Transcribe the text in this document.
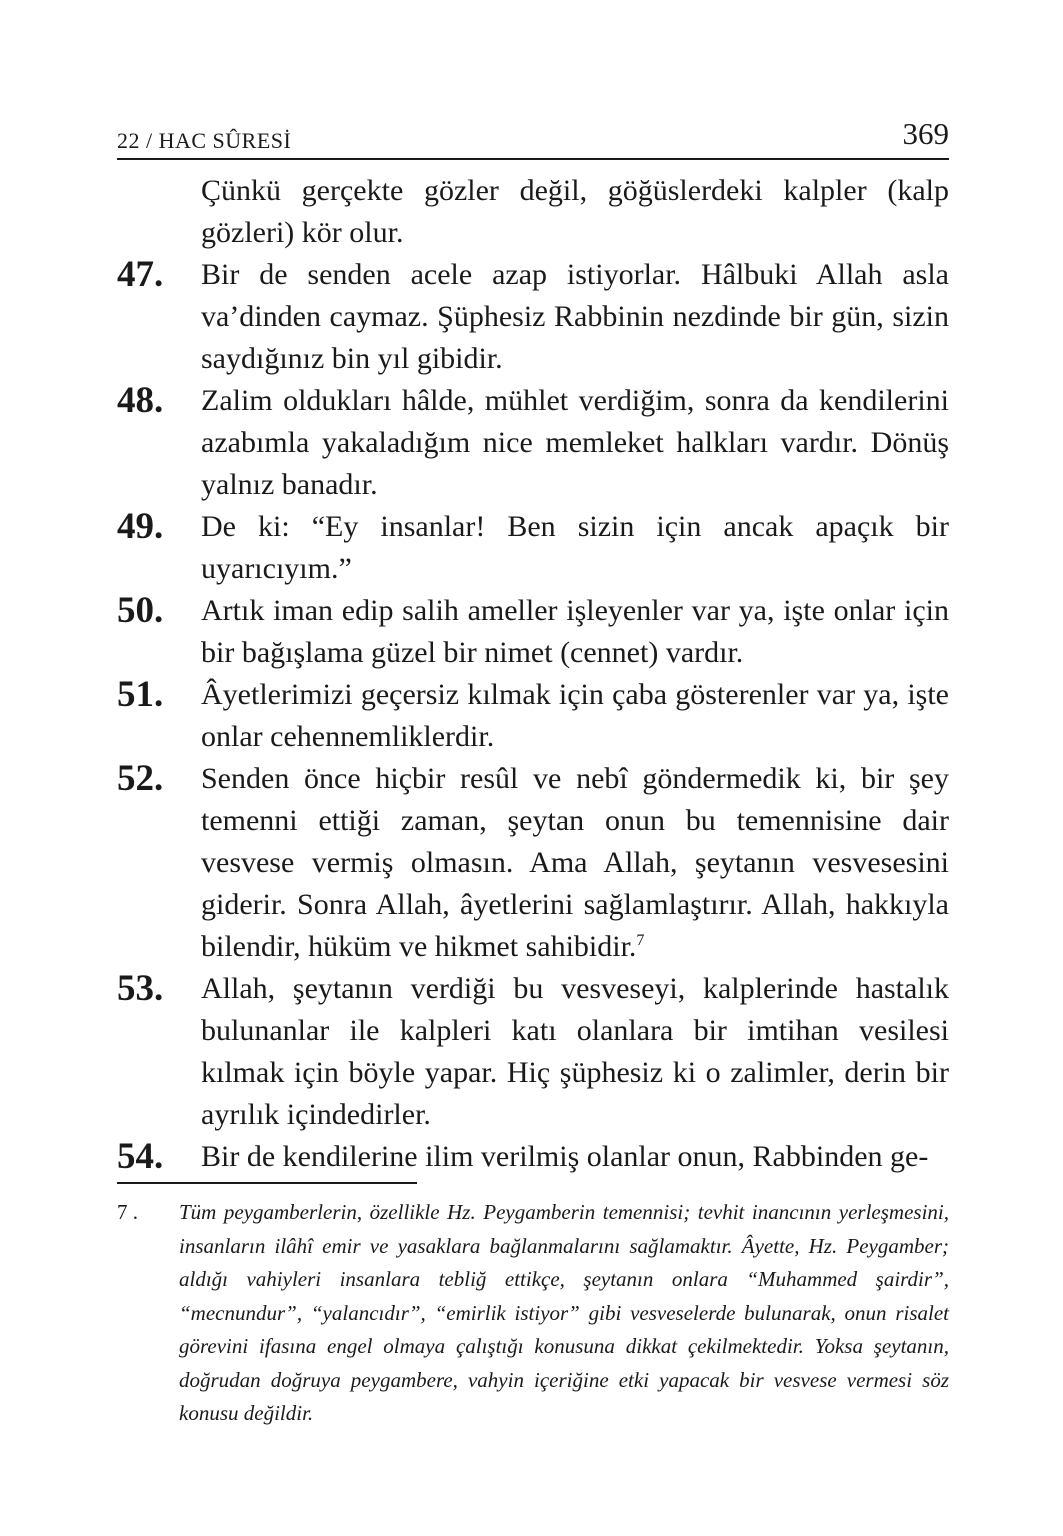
22 / HAC SÛRESİ	369
Çünkü gerçekte gözler değil, göğüslerdeki kalpler (kalp gözleri) kör olur.
47. Bir de senden acele azap istiyorlar. Hâlbuki Allah asla va’dinden caymaz. Şüphesiz Rabbinin nezdinde bir gün, sizin saydığınız bin yıl gibidir.
48. Zalim oldukları hâlde, mühlet verdiğim, sonra da kendilerini azabımla yakaladığım nice memleket halkları vardır. Dönüş yalnız banadır.
49. De ki: “Ey insanlar! Ben sizin için ancak apaçık bir uyarıcıyım.”
50. Artık iman edip salih ameller işleyenler var ya, işte onlar için bir bağışlama güzel bir nimet (cennet) vardır.
51. Âyetlerimizi geçersiz kılmak için çaba gösterenler var ya, işte onlar cehennemliklerdir.
52. Senden önce hiçbir resûl ve nebî göndermedik ki, bir şey temenni ettiği zaman, şeytan onun bu temennisine dair vesvese vermiş olmasın. Ama Allah, şeytanın vesvesesini giderir. Sonra Allah, âyetlerini sağlamlaştırır. Allah, hakkıyla bilendir, hüküm ve hikmet sahibidir.$^7$
53. Allah, şeytanın verdiği bu vesveseyi, kalplerinde hastalık bulunanlar ile kalpleri katı olanlara bir imtihan vesilesi kılmak için böyle yapar. Hiç şüphesiz ki o zalimler, derin bir ayrılık içindedirler.
54. Bir de kendilerine ilim verilmiş olanlar onun, Rabbinden ge-
7 . Tüm peygamberlerin, özellikle Hz. Peygamberin temennisi; tevhit inancının yerleşmesini, insanların ilâhî emir ve yasaklara bağlanmalarını sağlamaktır. Âyette, Hz. Peygamber; aldığı vahiyleri insanlara tebliğ ettikçe, şeytanın onlara “Muhammed şairdir”, “mecnundur”, “yalancıdır”, “emirlik istiyor” gibi vesveselerde bulunarak, onun risalet görevini ifasına engel olmaya çalıştığı konusuna dikkat çekilmektedir. Yoksa şeytanın, doğrudan doğruya peygambere, vahyin içeriğine etki yapacak bir vesvese vermesi söz konusu değildir.
